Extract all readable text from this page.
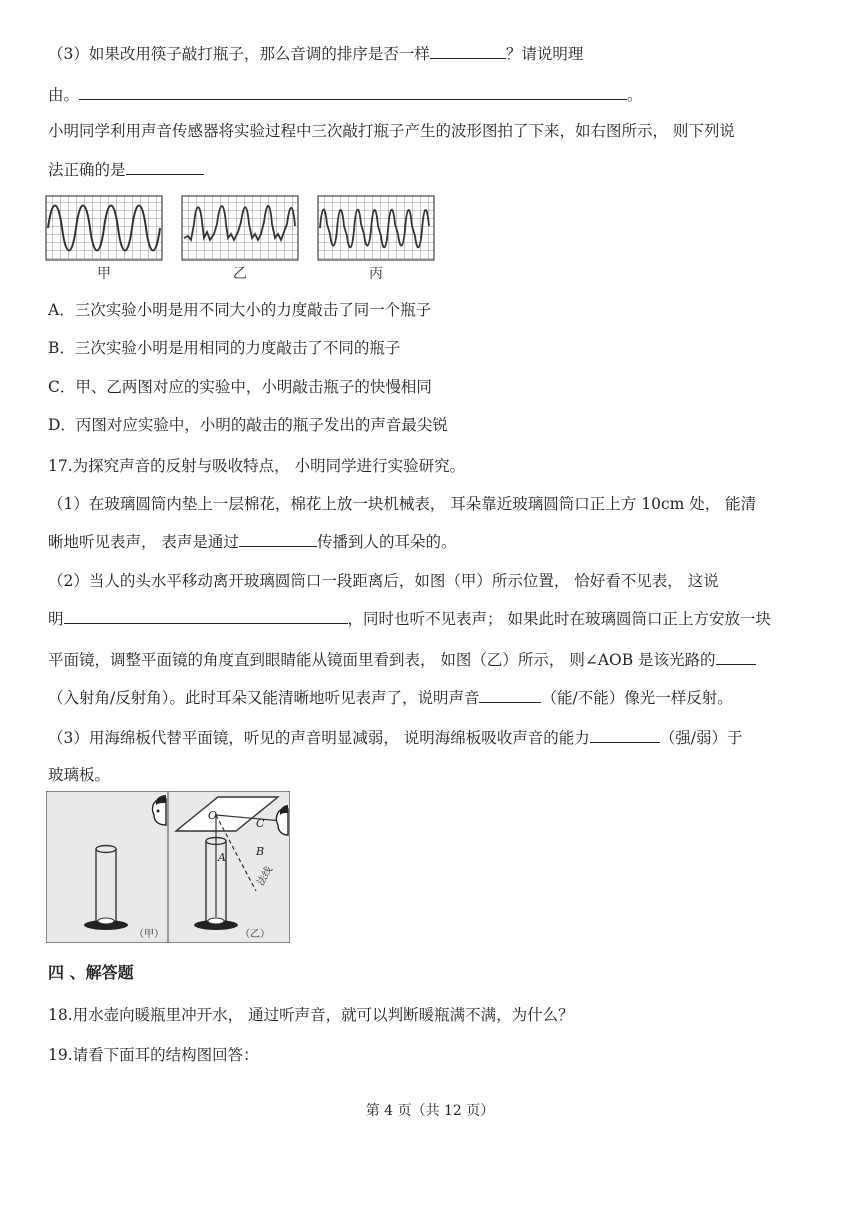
（3）如果改用筷子敲打瓶子，那么音调的排序是否一样	？请说明理
由。	。
小明同学利用声音传感器将实验过程中三次敲打瓶子产生的波形图拍了下来，如右图所示， 则下列说
法正确的是
甲	乙	丙
A．三次实验小明是用不同大小的力度敲击了同一个瓶子
B．三次实验小明是用相同的力度敲击了不同的瓶子
C．甲、乙两图对应的实验中，小明敲击瓶子的快慢相同
D．丙图对应实验中，小明的敲击的瓶子发出的声音最尖锐
17.为探究声音的反射与吸收特点， 小明同学进行实验研究。
（1）在玻璃圆筒内垫上一层棉花，棉花上放一块机械表， 耳朵靠近玻璃圆筒口正上方 10cm 处， 能清
晰地听见表声， 表声是通过	传播到人的耳朵的。
（2）当人的头水平移动离开玻璃圆筒口一段距离后，如图（甲）所示位置， 恰好看不见表， 这说
明	，同时也听不见表声； 如果此时在玻璃圆筒口正上方安放一块
平面镜，调整平面镜的角度直到眼睛能从镜面里看到表， 如图（乙）所示， 则∠AOB 是该光路的
（入射角/反射角）。此时耳朵又能清晰地听见表声了，说明声音	（能/不能）像光一样反射。
（3）用海绵板代替平面镜，听见的声音明显减弱， 说明海绵板吸收声音的能力	（强/弱）于
玻璃板。
（甲）
O
A	B
C
法线
（乙）
四 、解答题
18.用水壶向暖瓶里冲开水， 通过听声音，就可以判断暖瓶满不满，为什么？
19.请看下面耳的结构图回答：
第 4 页（共 12 页）
